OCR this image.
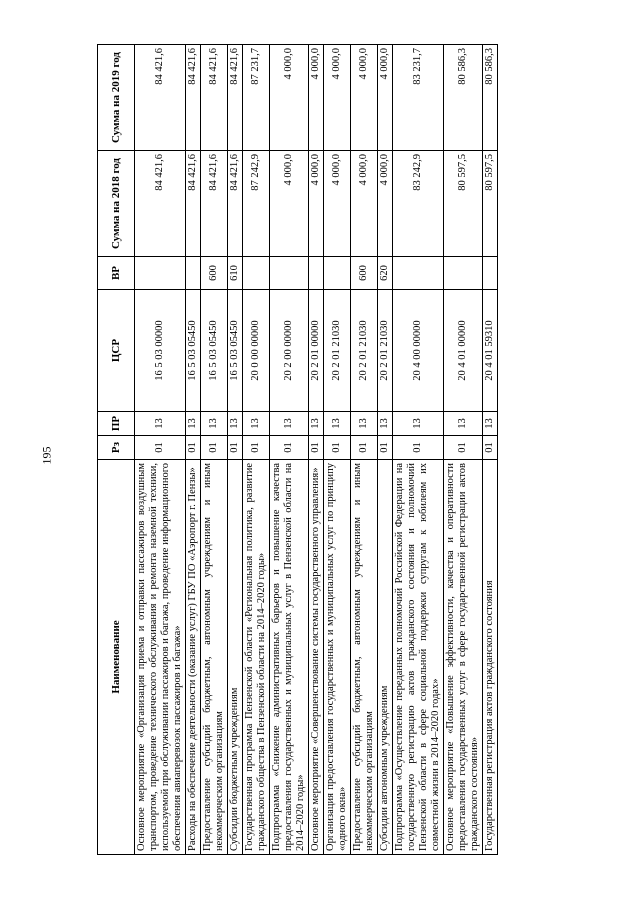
195
Наименование	Рз	ПР	ЦСР	ВР	Сумма на 2018 год	Сумма на 2019 год
Основное мероприятие «Организация приема и отправки пассажиров воздушным транспортом, проведение технического обслуживания и ремонта наземной техники, используемой при обслуживании пассажиров и багажа, проведение информационного обеспечения авиаперевозок пассажиров и багажа»	01	13	16 5 03 00000		84 421,6	84 421,6
Расходы на обеспечение деятельности (оказание услуг) ГБУ ПО «Аэропорт г. Пензы»	01	13	16 5 03 05450		84 421,6	84 421,6
Предоставление субсидий бюджетным, автономным учреждениям и иным некоммерческим организациям	01	13	16 5 03 05450	600	84 421,6	84 421,6
Субсидии бюджетным учреждениям	01	13	16 5 03 05450	610	84 421,6	84 421,6
Государственная программа Пензенской области «Региональная политика, развитие гражданского общества в Пензенской области на 2014–2020 годы»	01	13	20 0 00 00000		87 242,9	87 231,7
Подпрограмма «Снижение административных барьеров и повышение качества предоставления государственных и муниципальных услуг в Пензенской области на 2014–2020 годы»	01	13	20 2 00 00000		4 000,0	4 000,0
Основное мероприятие «Совершенствование системы государственного управления»	01	13	20 2 01 00000		4 000,0	4 000,0
Организация предоставления государственных и муниципальных услуг по принципу «одного окна»	01	13	20 2 01 21030		4 000,0	4 000,0
Предоставление субсидий бюджетным, автономным учреждениям и иным некоммерческим организациям	01	13	20 2 01 21030	600	4 000,0	4 000,0
Субсидии автономным учреждениям	01	13	20 2 01 21030	620	4 000,0	4 000,0
Подпрограмма «Осуществление переданных полномочий Российской Федерации на государственную регистрацию актов гражданского состояния и полномочий Пензенской области в сфере социальной поддержки супругам к юбилеям их совместной жизни в 2014–2020 годах»	01	13	20 4 00 00000		83 242,9	83 231,7
Основное мероприятие «Повышение эффективности, качества и оперативности предоставления государственных услуг в сфере государственной регистрации актов гражданского состояния»	01	13	20 4 01 00000		80 597,5	80 586,3
Государственная регистрация актов гражданского состояния	01	13	20 4 01 59310		80 597,5	80 586,3
